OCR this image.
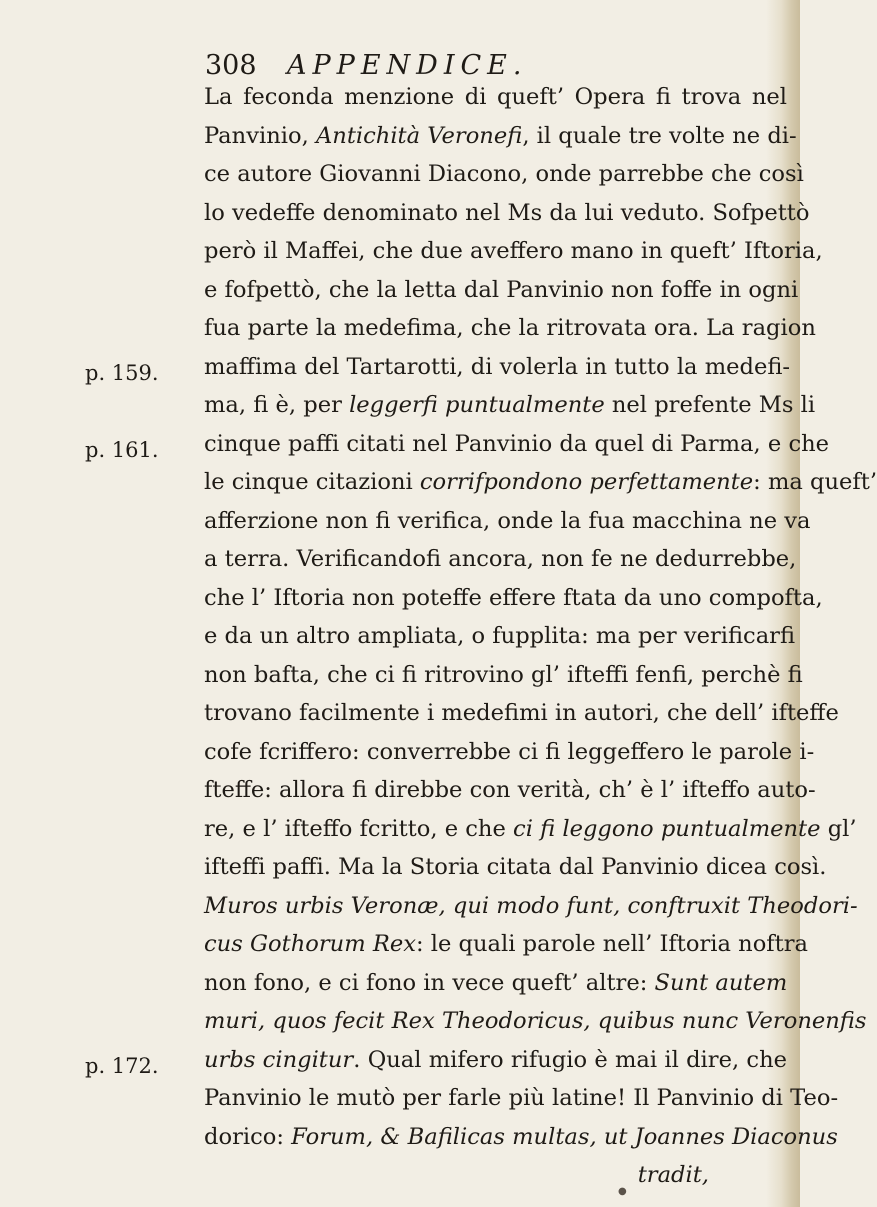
308 APPENDICE.
p. 159.
p. 161.
p. 172.
La feconda menzione di queft’ Opera fi trova nel
Panvinio, Antichità Veronefi, il quale tre volte ne di-
ce autore Giovanni Diacono, onde parrebbe che così
lo vedeffe denominato nel Ms da lui veduto. Sofpettò
però il Maffei, che due aveffero mano in queft’ Iftoria,
e fofpettò, che la letta dal Panvinio non foffe in ogni
fua parte la medefima, che la ritrovata ora. La ragion
maffima del Tartarotti, di volerla in tutto la medefi-
ma, fi è, per leggerfi puntualmente nel prefente Ms li
cinque paffi citati nel Panvinio da quel di Parma, e che
le cinque citazioni corrifpondono perfettamente: ma queft’
afferzione non fi verifica, onde la fua macchina ne va
a terra. Verificandofi ancora, non fe ne dedurrebbe,
che l’ Iftoria non poteffe effere ftata da uno compofta,
e da un altro ampliata, o fupplita: ma per verificarfi
non bafta, che ci fi ritrovino gl’ ifteffi fenfi, perchè fi
trovano facilmente i medefimi in autori, che dell’ ifteffe
cofe fcriffero: converrebbe ci fi leggeffero le parole i-
fteffe: allora fi direbbe con verità, ch’ è l’ ifteffo auto-
re, e l’ ifteffo fcritto, e che ci fi leggono puntualmente gl’
ifteffi paffi. Ma la Storia citata dal Panvinio dicea così.
Muros urbis Veronæ, qui modo funt, conftruxit Theodori-
cus Gothorum Rex: le quali parole nell’ Iftoria noftra
non fono, e ci fono in vece queft’ altre: Sunt autem
muri, quos fecit Rex Theodoricus, quibus nunc Veronenfis
urbs cingitur. Qual mifero rifugio è mai il dire, che
Panvinio le mutò per farle più latine! Il Panvinio di Teo-
dorico: Forum, & Bafilicas multas, ut Joannes Diaconus
tradit,
●
